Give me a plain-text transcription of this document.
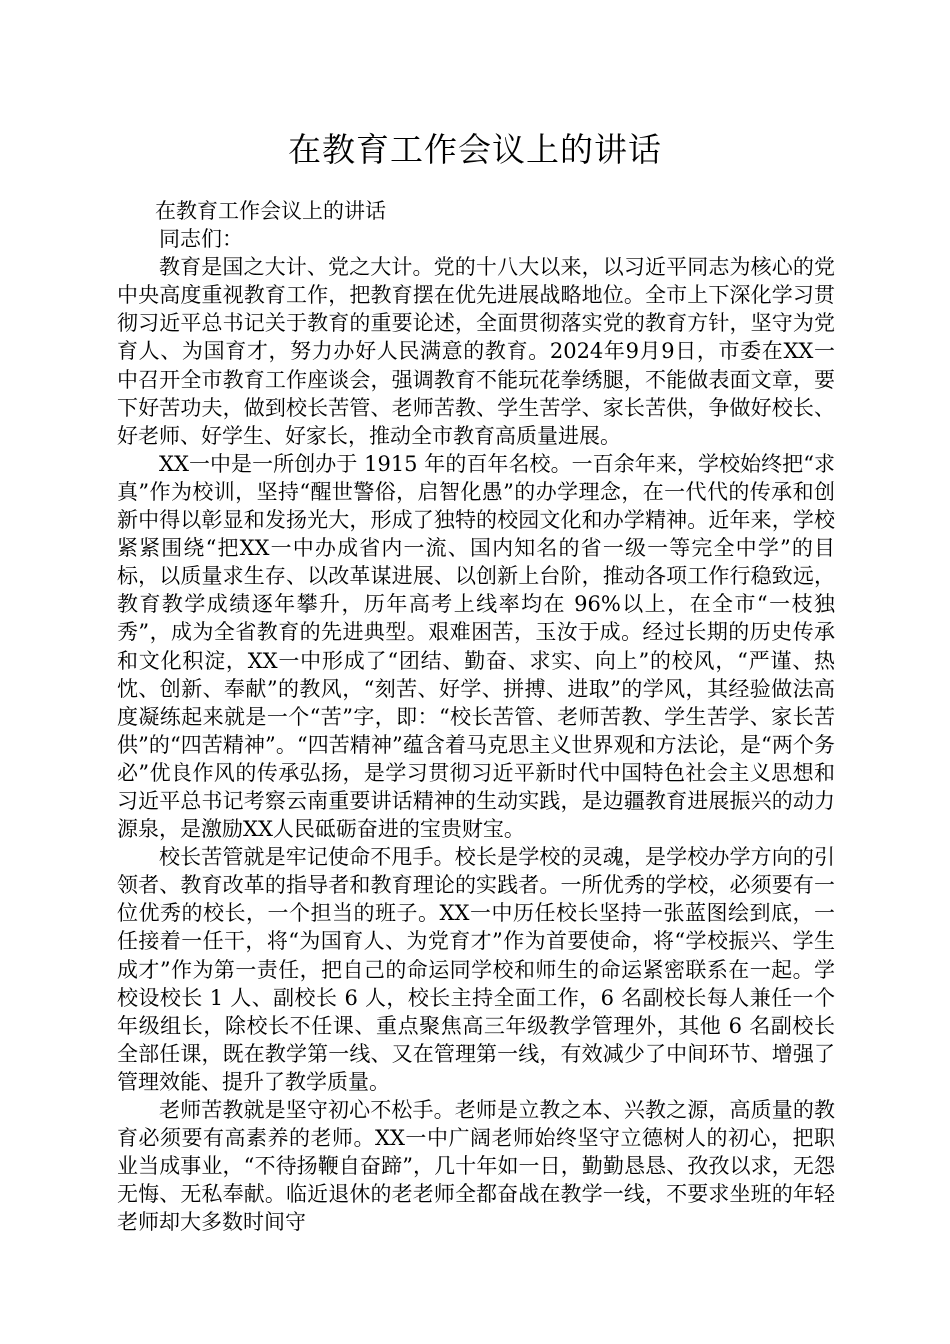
在教育工作会议上的讲话

在教育工作会议上的讲话

同志们：

教育是国之大计、党之大计。党的十八大以来，以习近平同志为核心的党中央高度重视教育工作，把教育摆在优先进展战略地位。全市上下深化学习贯彻习近平总书记关于教育的重要论述，全面贯彻落实党的教育方针，坚守为党育人、为国育才，努力办好人民满意的教育。2024年9月9日，市委在XX一中召开全市教育工作座谈会，强调教育不能玩花拳绣腿，不能做表面文章，要下好苦功夫，做到校长苦管、老师苦教、学生苦学、家长苦供，争做好校长、好老师、好学生、好家长，推动全市教育高质量进展。

XX一中是一所创办于 1915 年的百年名校。一百余年来，学校始终把“求真”作为校训，坚持“醒世警俗，启智化愚”的办学理念，在一代代的传承和创新中得以彰显和发扬光大，形成了独特的校园文化和办学精神。近年来，学校紧紧围绕“把XX一中办成省内一流、国内知名的省一级一等完全中学”的目标，以质量求生存、以改革谋进展、以创新上台阶，推动各项工作行稳致远，教育教学成绩逐年攀升，历年高考上线率均在 96%以上，在全市“一枝独秀”，成为全省教育的先进典型。艰难困苦，玉汝于成。经过长期的历史传承和文化积淀，XX一中形成了“团结、勤奋、求实、向上”的校风，“严谨、热忱、创新、奉献”的教风，“刻苦、好学、拼搏、进取”的学风，其经验做法高度凝练起来就是一个“苦”字，即：“校长苦管、老师苦教、学生苦学、家长苦供”的“四苦精神”。“四苦精神”蕴含着马克思主义世界观和方法论，是“两个务必”优良作风的传承弘扬，是学习贯彻习近平新时代中国特色社会主义思想和习近平总书记考察云南重要讲话精神的生动实践，是边疆教育进展振兴的动力源泉，是激励XX人民砥砺奋进的宝贵财宝。

校长苦管就是牢记使命不甩手。校长是学校的灵魂，是学校办学方向的引领者、教育改革的指导者和教育理论的实践者。一所优秀的学校，必须要有一位优秀的校长，一个担当的班子。XX一中历任校长坚持一张蓝图绘到底，一任接着一任干，将“为国育人、为党育才”作为首要使命，将“学校振兴、学生成才”作为第一责任，把自己的命运同学校和师生的命运紧密联系在一起。学校设校长 1 人、副校长 6 人，校长主持全面工作，6 名副校长每人兼任一个年级组长，除校长不任课、重点聚焦高三年级教学管理外，其他 6 名副校长全部任课，既在教学第一线、又在管理第一线，有效减少了中间环节、增强了管理效能、提升了教学质量。

老师苦教就是坚守初心不松手。老师是立教之本、兴教之源，高质量的教育必须要有高素养的老师。XX一中广阔老师始终坚守立德树人的初心，把职业当成事业，“不待扬鞭自奋蹄”，几十年如一日，勤勤恳恳、孜孜以求，无怨无悔、无私奉献。临近退休的老老师全都奋战在教学一线，不要求坐班的年轻老师却大多数时间守
